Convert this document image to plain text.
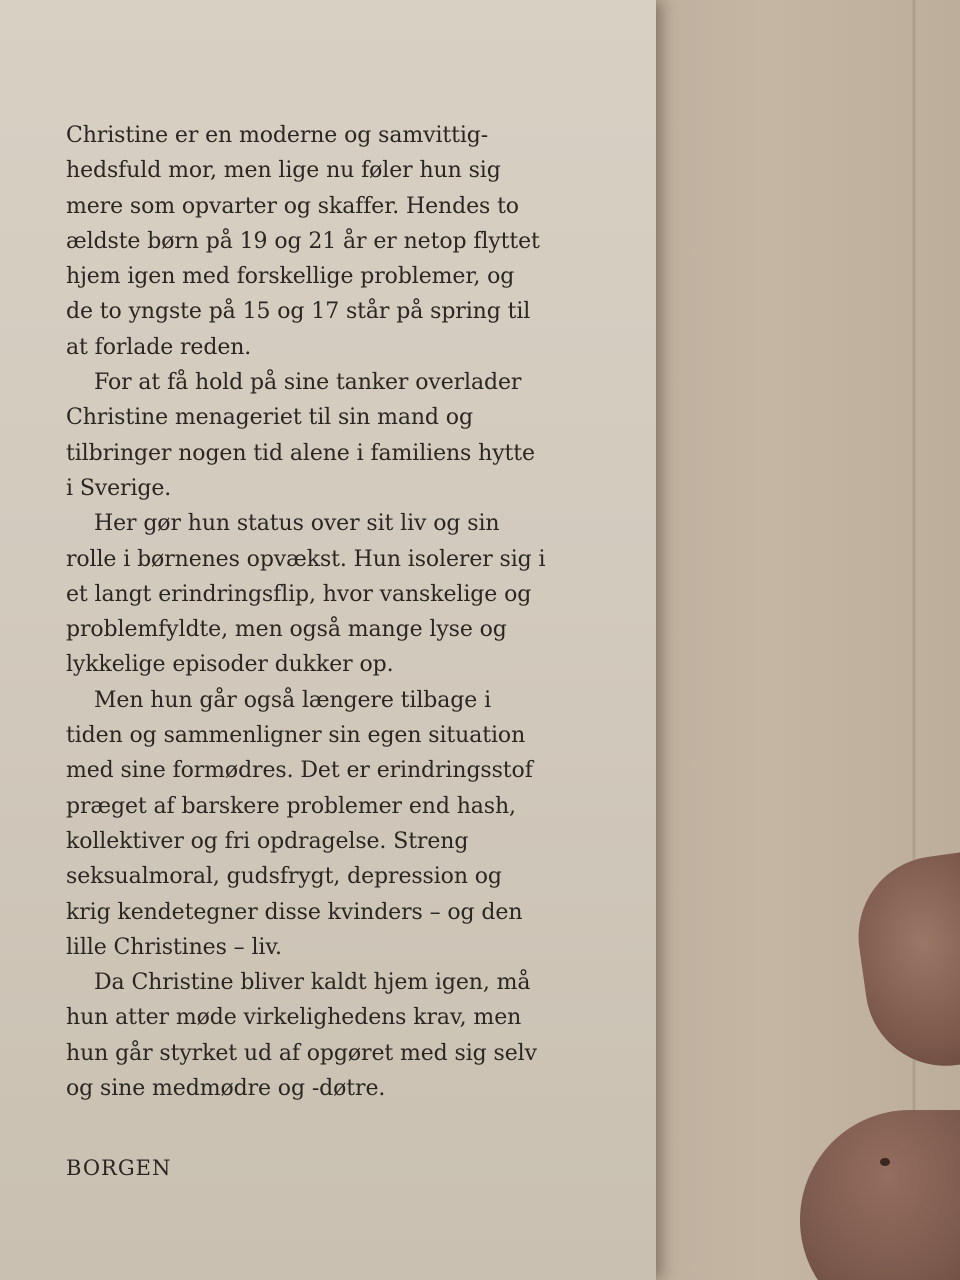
Christine er en moderne og samvittig-
hedsfuld mor, men lige nu føler hun sig
mere som opvarter og skaffer. Hendes to
ældste børn på 19 og 21 år er netop flyttet
hjem igen med forskellige problemer, og
de to yngste på 15 og 17 står på spring til
at forlade reden.
For at få hold på sine tanker overlader
Christine menageriet til sin mand og
tilbringer nogen tid alene i familiens hytte
i Sverige.
Her gør hun status over sit liv og sin
rolle i børnenes opvækst. Hun isolerer sig i
et langt erindringsflip, hvor vanskelige og
problemfyldte, men også mange lyse og
lykkelige episoder dukker op.
Men hun går også længere tilbage i
tiden og sammenligner sin egen situation
med sine formødres. Det er erindringsstof
præget af barskere problemer end hash,
kollektiver og fri opdragelse. Streng
seksualmoral, gudsfrygt, depression og
krig kendetegner disse kvinders – og den
lille Christines – liv.
Da Christine bliver kaldt hjem igen, må
hun atter møde virkelighedens krav, men
hun går styrket ud af opgøret med sig selv
og sine medmødre og -døtre.
BORGEN
